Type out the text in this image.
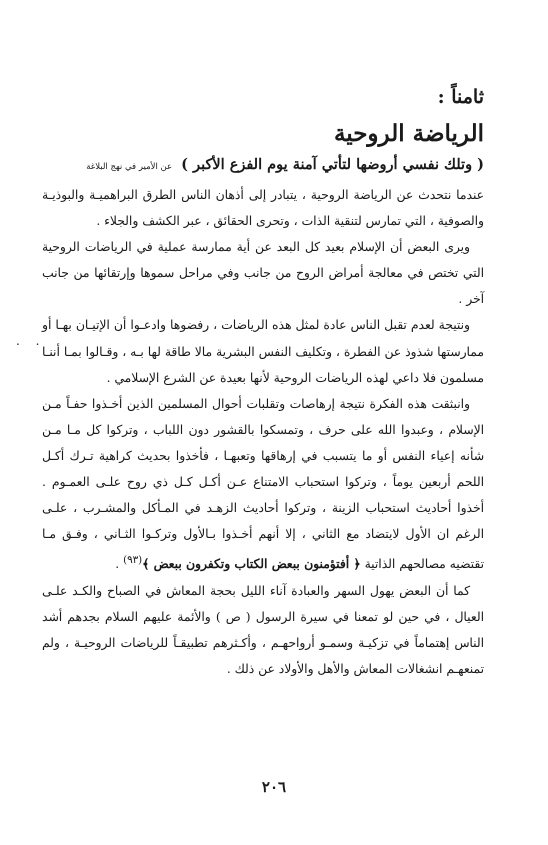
ثامناً :
الرياضة الروحية
( وتلك نفسي أروضها لتأتي آمنة يوم الفزع الأكبر ) عن الأمير في نهج البلاغة

عندما نتحدث عن الرياضة الروحية ، يتبادر إلى أذهان الناس الطرق البراهميـة والبوذيـة والصوفية ، التي تمارس لتنقية الذات ، وتحرى الحقائق ، عبر الكشف والجلاء .

ويرى البعض أن الإسلام بعيد كل البعد عن أية ممارسة عملية في الرياضات الروحية التي تختص في معالجة أمراض الروح من جانب وفي مراحل سموها وإرتقائها من جانب آخر .

ونتيجة لعدم تقبل الناس عادة لمثل هذه الرياضات ، رفضوها وادعـوا أن الإتيـان بهـا أو ممارستها شذوذ عن الفطرة ، وتكليف النفس البشرية مالا طاقة لها بـه ، وقـالوا بمـا أننـا مسلمون فلا داعي لهذه الرياضات الروحية لأنها بعيدة عن الشرع الإسلامي .

وانبثقت هذه الفكرة نتيجة إرهاصات وتقلبات أحوال المسلمين الذين أخـذوا حفـاً مـن الإسلام ، وعبدوا الله على حرف ، وتمسكوا بالقشور دون اللباب ، وتركوا كل مـا مـن شأنه إعياء النفس أو ما يتسبب في إرهاقها وتعبهـا ، فأخذوا بحديث كراهية تـرك أكـل اللحم أربعين يوماً ، وتركوا استحباب الامتناع عـن أكـل كـل ذي روح علـى العمـوم . أخذوا أحاديث استحباب الزينة ، وتركوا أحاديث الزهـد في المـأكل والمشـرب ، علـى الرغم ان الأول لايتضاد مع الثاني ، إلا أنهم أخـذوا بـالأول وتركـوا الثـاني ، وفـق مـا تقتضيه مصالحهم الذاتية ﴿ أفتؤمنون ببعض الكتاب وتكفرون ببعض ﴾$^{(٩٣)}$ .

كما أن البعض يهول السهر والعبادة آناء الليل بحجة المعاش في الصباح والكـد علـى العيال ، في حين لو تمعنا في سيرة الرسول ( ص ) والأئمة عليهم السلام بجدهم أشد الناس إهتماماً في تزكيـة وسمـو أرواحهـم ، وأكـثرهم تطبيقـاً للرياضات الروحيـة ، ولم تمنعهـم انشغالات المعاش والأهل والأولاد عن ذلك .

. .
٢٠٦
